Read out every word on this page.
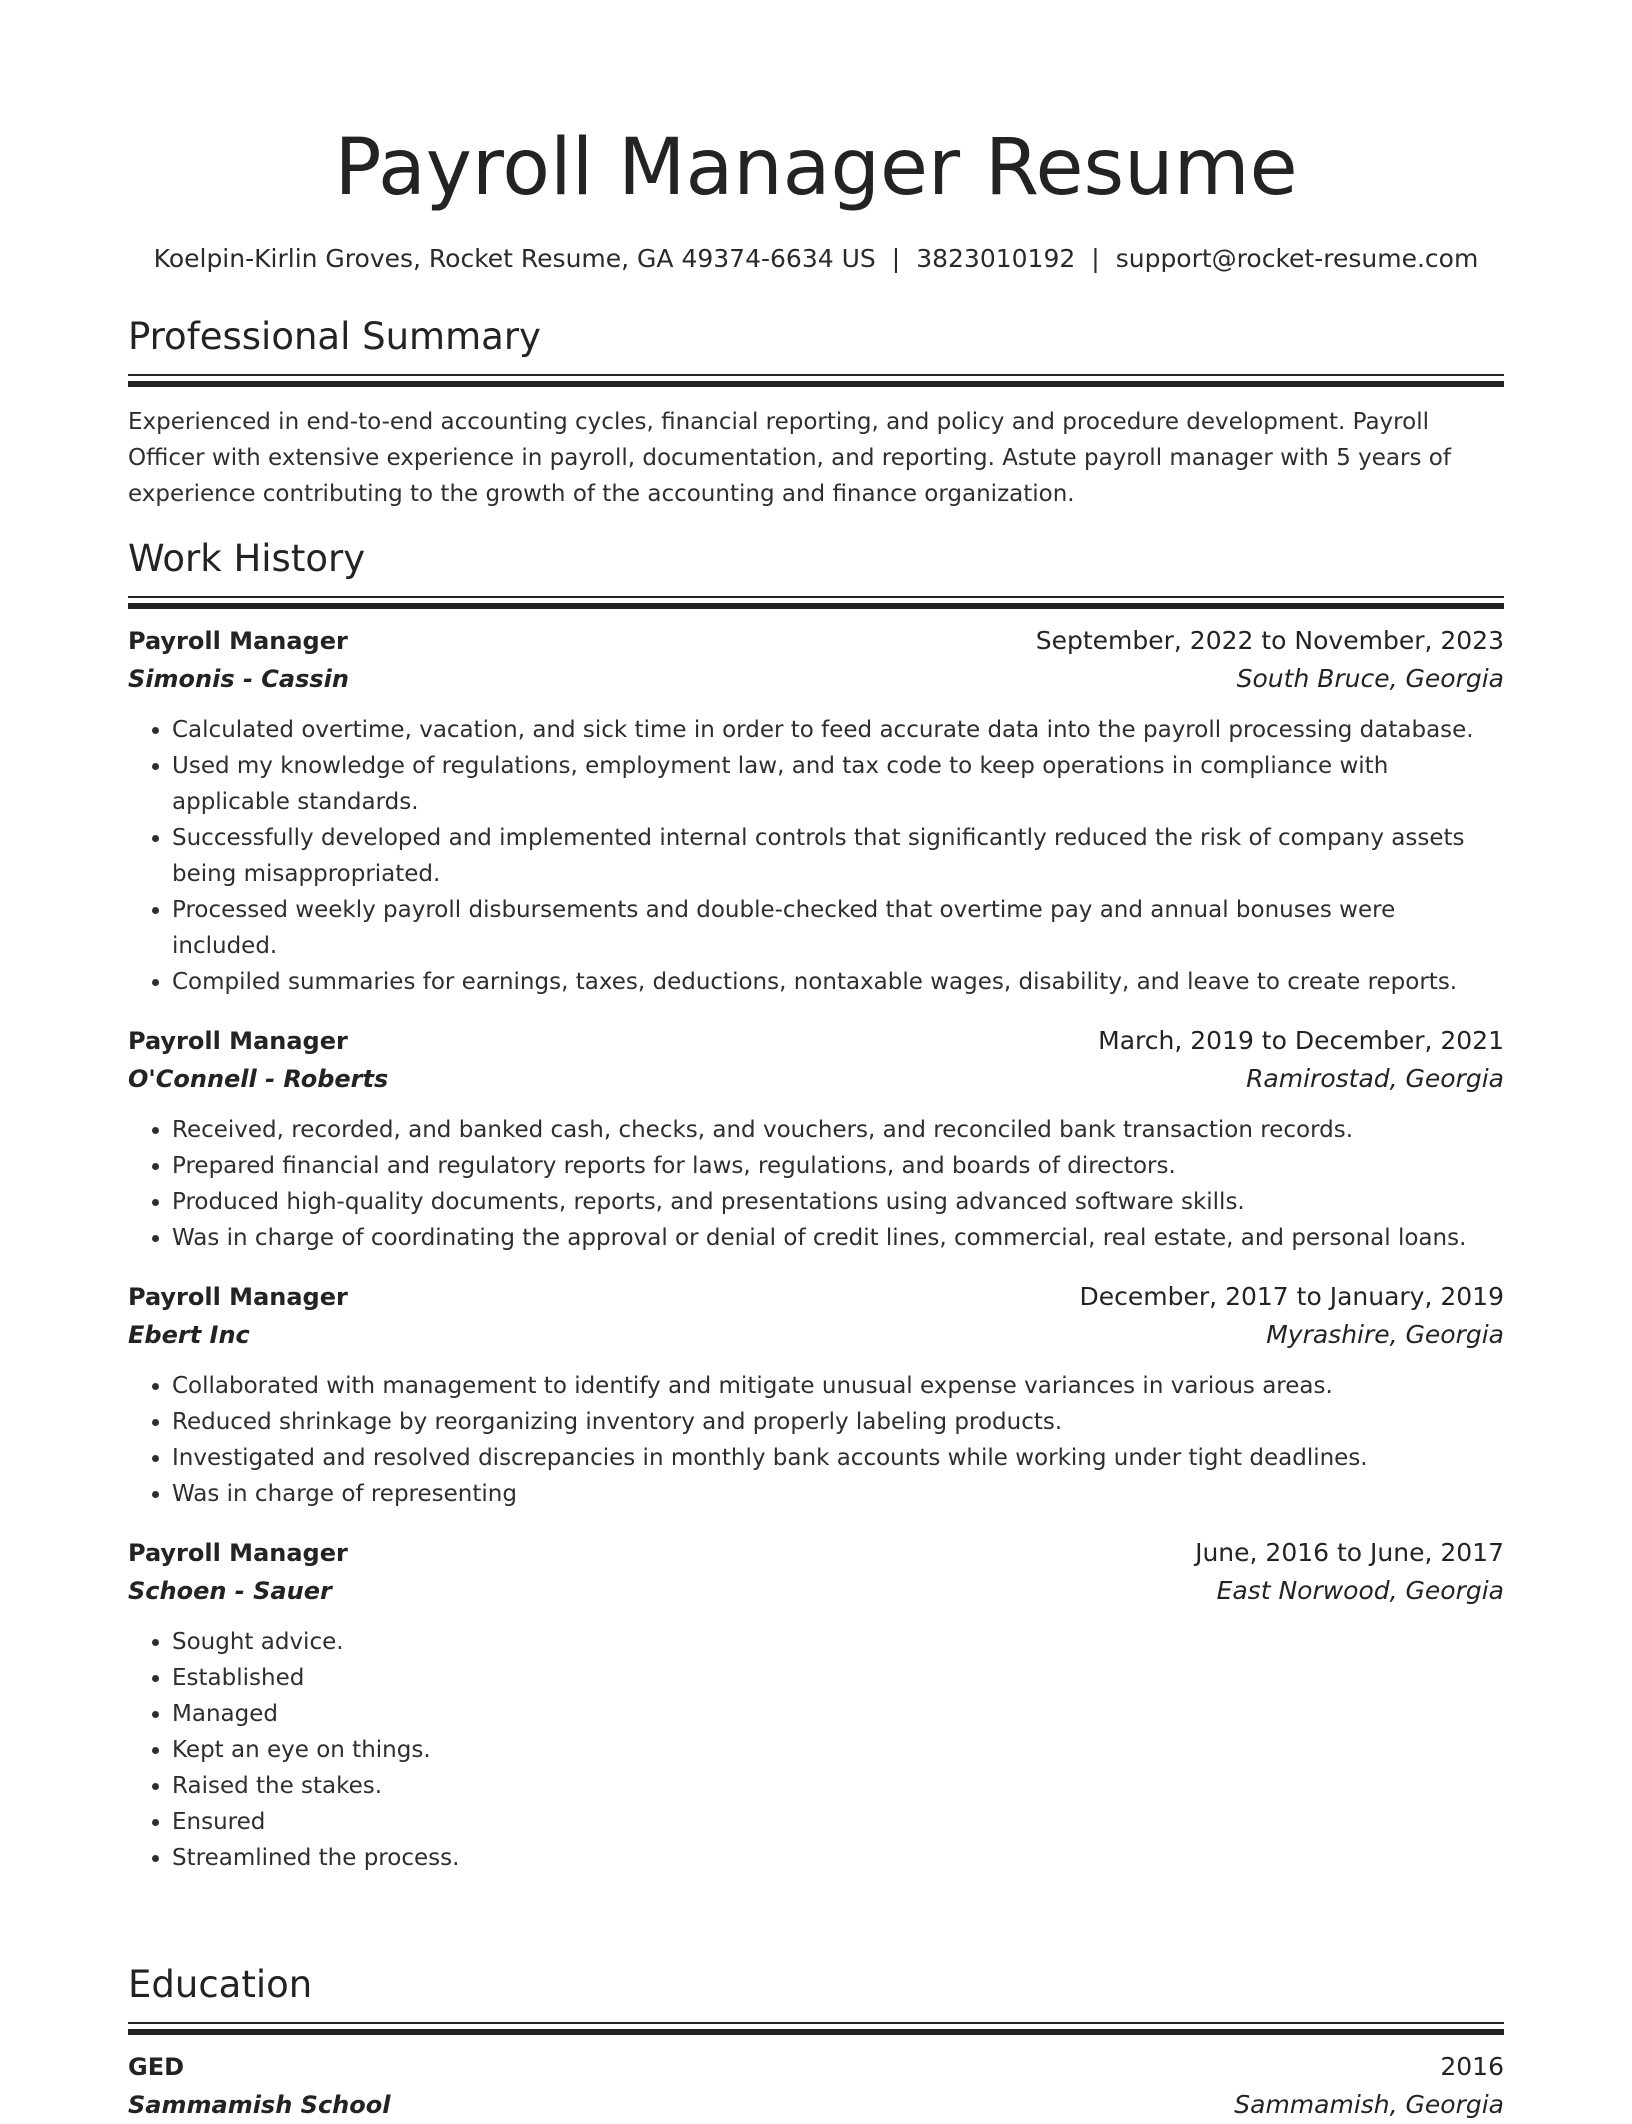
Payroll Manager Resume
Koelpin-Kirlin Groves, Rocket Resume, GA 49374-6634 US | 3823010192 | support@rocket-resume.com
Professional Summary
Experienced in end-to-end accounting cycles, financial reporting, and policy and procedure development. Payroll Officer with extensive experience in payroll, documentation, and reporting. Astute payroll manager with 5 years of experience contributing to the growth of the accounting and finance organization.
Work History
Payroll Manager	September, 2022 to November, 2023
Simonis - Cassin	South Bruce, Georgia
• Calculated overtime, vacation, and sick time in order to feed accurate data into the payroll processing database.
• Used my knowledge of regulations, employment law, and tax code to keep operations in compliance with applicable standards.
• Successfully developed and implemented internal controls that significantly reduced the risk of company assets being misappropriated.
• Processed weekly payroll disbursements and double-checked that overtime pay and annual bonuses were included.
• Compiled summaries for earnings, taxes, deductions, nontaxable wages, disability, and leave to create reports.
Payroll Manager	March, 2019 to December, 2021
O'Connell - Roberts	Ramirostad, Georgia
• Received, recorded, and banked cash, checks, and vouchers, and reconciled bank transaction records.
• Prepared financial and regulatory reports for laws, regulations, and boards of directors.
• Produced high-quality documents, reports, and presentations using advanced software skills.
• Was in charge of coordinating the approval or denial of credit lines, commercial, real estate, and personal loans.
Payroll Manager	December, 2017 to January, 2019
Ebert Inc	Myrashire, Georgia
• Collaborated with management to identify and mitigate unusual expense variances in various areas.
• Reduced shrinkage by reorganizing inventory and properly labeling products.
• Investigated and resolved discrepancies in monthly bank accounts while working under tight deadlines.
• Was in charge of representing
Payroll Manager	June, 2016 to June, 2017
Schoen - Sauer	East Norwood, Georgia
• Sought advice.
• Established
• Managed
• Kept an eye on things.
• Raised the stakes.
• Ensured
• Streamlined the process.
Education
GED	2016
Sammamish School	Sammamish, Georgia
